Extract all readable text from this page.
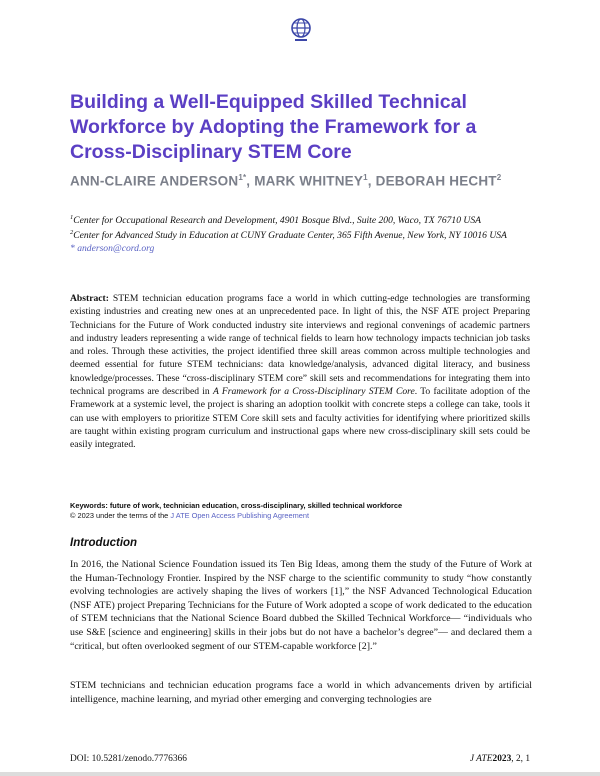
Building a Well-Equipped Skilled Technical Workforce by Adopting the Framework for a Cross-Disciplinary STEM Core
ANN-CLAIRE $ANDERSON^{1*}$, MARK WHITNEY$^1$, DEBORAH HECHT$^2$
$^1$Center for Occupational Research and Development, 4901 Bosque Blvd., Suite 200, Waco, TX 76710 USA
$^2$Center for Advanced Study in Education at CUNY Graduate Center, 365 Fifth Avenue, New York, NY 10016 USA
* anderson@cord.org
Abstract: STEM technician education programs face a world in which cutting-edge technologies are transforming existing industries and creating new ones at an unprecedented pace. In light of this, the NSF ATE project Preparing Technicians for the Future of Work conducted industry site interviews and regional convenings of academic partners and industry leaders representing a wide range of technical fields to learn how technology impacts technician job tasks and roles. Through these activities, the project identified three skill areas common across multiple technologies and deemed essential for future STEM technicians: data knowledge/analysis, advanced digital literacy, and business knowledge/processes. These “cross-disciplinary STEM core” skill sets and recommendations for integrating them into technical programs are described in A Framework for a Cross-Disciplinary STEM Core. To facilitate adoption of the Framework at a systemic level, the project is sharing an adoption toolkit with concrete steps a college can take, tools it can use with employers to prioritize STEM Core skill sets and faculty activities for identifying where prioritized skills are taught within existing program curriculum and instructional gaps where new cross-disciplinary skill sets could be easily integrated.
Keywords: future of work, technician education, cross-disciplinary, skilled technical workforce
© 2023 under the terms of the J ATE Open Access Publishing Agreement
Introduction
In 2016, the National Science Foundation issued its Ten Big Ideas, among them the study of the Future of Work at the Human-Technology Frontier. Inspired by the NSF charge to the scientific community to study “how constantly evolving technologies are actively shaping the lives of workers [1],” the NSF Advanced Technological Education (NSF ATE) project Preparing Technicians for the Future of Work adopted a scope of work dedicated to the education of STEM technicians that the National Science Board dubbed the Skilled Technical Workforce— “individuals who use S&E [science and engineering] skills in their jobs but do not have a bachelor’s degree”— and declared them a “critical, but often overlooked segment of our STEM-capable workforce [2].”
STEM technicians and technician education programs face a world in which advancements driven by artificial intelligence, machine learning, and myriad other emerging and converging technologies are
DOI: 10.5281/zenodo.7776366	J ATE2023, 2, 1
